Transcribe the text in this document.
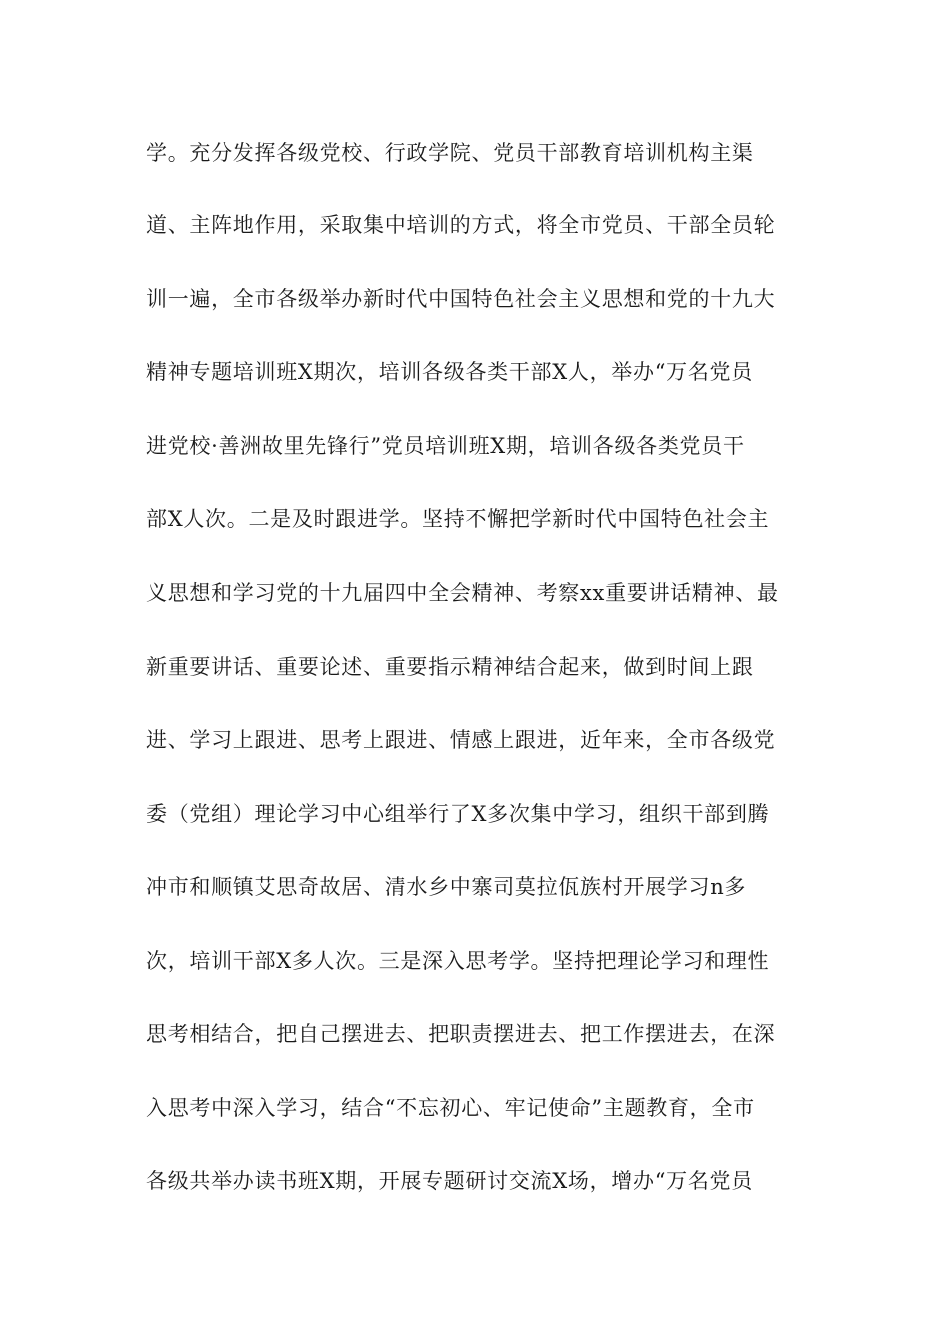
学。充分发挥各级党校、行政学院、党员干部教育培训机构主渠

道、主阵地作用，采取集中培训的方式，将全市党员、干部全员轮

训一遍，全市各级举办新时代中国特色社会主义思想和党的十九大

精神专题培训班X期次，培训各级各类干部X人，举办“万名党员

进党校·善洲故里先锋行”党员培训班X期，培训各级各类党员干

部X人次。二是及时跟进学。坚持不懈把学新时代中国特色社会主

义思想和学习党的十九届四中全会精神、考察xx重要讲话精神、最

新重要讲话、重要论述、重要指示精神结合起来，做到时间上跟

进、学习上跟进、思考上跟进、情感上跟进，近年来，全市各级党

委（党组）理论学习中心组举行了X多次集中学习，组织干部到腾

冲市和顺镇艾思奇故居、清水乡中寨司莫拉佤族村开展学习n多

次，培训干部X多人次。三是深入思考学。坚持把理论学习和理性

思考相结合，把自己摆进去、把职责摆进去、把工作摆进去，在深

入思考中深入学习，结合“不忘初心、牢记使命”主题教育，全市

各级共举办读书班X期，开展专题研讨交流X场，增办“万名党员
